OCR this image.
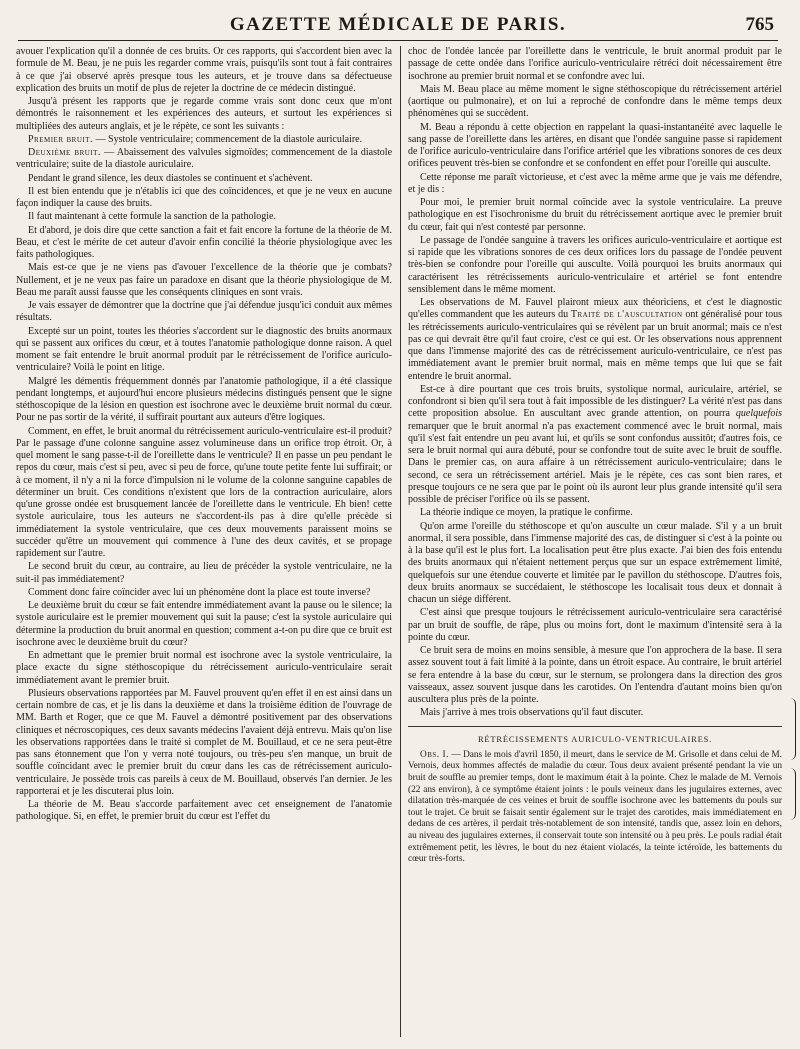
GAZETTE MÉDICALE DE PARIS.	765

avouer l'explication qu'il a donnée de ces bruits. Or ces rapports, qui s'accordent bien avec la formule de M. Beau, je ne puis les regarder comme vrais, puisqu'ils sont tout à fait contraires à ce que j'ai observé après presque tous les auteurs, et je trouve dans sa défectueuse explication des bruits un motif de plus de rejeter la doctrine de ce médecin distingué.

Jusqu'à présent les rapports que je regarde comme vrais sont donc ceux que m'ont démontrés le raisonnement et les expériences des auteurs, et surtout les expériences si multipliées des auteurs anglais, et je le répète, ce sont les suivants :

Premier bruit. — Systole ventriculaire; commencement de la diastole auriculaire.

Deuxième bruit. — Abaissement des valvules sigmoïdes; commencement de la diastole ventriculaire; suite de la diastole auriculaire.

Pendant le grand silence, les deux diastoles se continuent et s'achèvent.

Il est bien entendu que je n'établis ici que des coïncidences, et que je ne veux en aucune façon indiquer la cause des bruits.

Il faut maintenant à cette formule la sanction de la pathologie.

Et d'abord, je dois dire que cette sanction a fait et fait encore la fortune de la théorie de M. Beau, et c'est le mérite de cet auteur d'avoir enfin concilié la théorie physiologique avec les faits pathologiques.

Mais est-ce que je ne viens pas d'avouer l'excellence de la théorie que je combats? Nullement, et je ne veux pas faire un paradoxe en disant que la théorie physiologique de M. Beau me paraît aussi fausse que les conséquents cliniques en sont vrais.

Je vais essayer de démontrer que la doctrine que j'ai défendue jusqu'ici conduit aux mêmes résultats.

Excepté sur un point, toutes les théories s'accordent sur le diagnostic des bruits anormaux qui se passent aux orifices du cœur, et à toutes l'anatomie pathologique donne raison. A quel moment se fait entendre le bruit anormal produit par le rétrécissement de l'orifice auriculo-ventriculaire? Voilà le point en litige.

Malgré les démentis fréquemment donnés par l'anatomie pathologique, il a été classique pendant longtemps, et aujourd'hui encore plusieurs médecins distingués pensent que le signe stéthoscopique de la lésion en question est isochrone avec le deuxième bruit normal du cœur. Pour ne pas sortir de la vérité, il suffirait pourtant aux auteurs d'être logiques.

Comment, en effet, le bruit anormal du rétrécissement auriculo-ventriculaire est-il produit? Par le passage d'une colonne sanguine assez volumineuse dans un orifice trop étroit. Or, à quel moment le sang passe-t-il de l'oreillette dans le ventricule? Il en passe un peu pendant le repos du cœur, mais c'est si peu, avec si peu de force, qu'une toute petite fente lui suffirait; or à ce moment, il n'y a ni la force d'impulsion ni le volume de la colonne sanguine capables de déterminer un bruit. Ces conditions n'existent que lors de la contraction auriculaire, alors qu'une grosse ondée est brusquement lancée de l'oreillette dans le ventricule. Eh bien! cette systole auriculaire, tous les auteurs ne s'accordent-ils pas à dire qu'elle précède si immédiatement la systole ventriculaire, que ces deux mouvements paraissent moins se succéder qu'être un mouvement qui commence à l'une des deux cavités, et se propage rapidement sur l'autre.

Le second bruit du cœur, au contraire, au lieu de précéder la systole ventriculaire, ne la suit-il pas immédiatement?

Comment donc faire coïncider avec lui un phénomène dont la place est toute inverse?

Le deuxième bruit du cœur se fait entendre immédiatement avant la pause ou le silence; la systole auriculaire est le premier mouvement qui suit la pause; c'est la systole auriculaire qui détermine la production du bruit anormal en question; comment a-t-on pu dire que ce bruit est isochrone avec le deuxième bruit du cœur?

En admettant que le premier bruit normal est isochrone avec la systole ventriculaire, la place exacte du signe stéthoscopique du rétrécissement auriculo-ventriculaire serait immédiatement avant le premier bruit.

Plusieurs observations rapportées par M. Fauvel prouvent qu'en effet il en est ainsi dans un certain nombre de cas, et je lis dans la deuxième et dans la troisième édition de l'ouvrage de MM. Barth et Roger, que ce que M. Fauvel a démontré positivement par des observations cliniques et nécroscopiques, ces deux savants médecins l'avaient déjà entrevu. Mais qu'on lise les observations rapportées dans le traité si complet de M. Bouillaud, et ce ne sera peut-être pas sans étonnement que l'on y verra noté toujours, ou très-peu s'en manque, un bruit de souffle coïncidant avec le premier bruit du cœur dans les cas de rétrécissement auriculo-ventriculaire. Je possède trois cas pareils à ceux de M. Bouillaud, observés l'an dernier. Je les rapporterai et je les discuterai plus loin.

La théorie de M. Beau s'accorde parfaitement avec cet enseignement de l'anatomie pathologique. Si, en effet, le premier bruit du cœur est l'effet du

choc de l'ondée lancée par l'oreillette dans le ventricule, le bruit anormal produit par le passage de cette ondée dans l'orifice auriculo-ventriculaire rétréci doit nécessairement être isochrone au premier bruit normal et se confondre avec lui.

Mais M. Beau place au même moment le signe stéthoscopique du rétrécissement artériel (aortique ou pulmonaire), et on lui a reproché de confondre dans le même temps deux phénomènes qui se succèdent.

M. Beau a répondu à cette objection en rappelant la quasi-instantanéité avec laquelle le sang passe de l'oreillette dans les artères, en disant que l'ondée sanguine passe si rapidement de l'orifice auriculo-ventriculaire dans l'orifice artériel que les vibrations sonores de ces deux orifices peuvent très-bien se confondre et se confondent en effet pour l'oreille qui ausculte.

Cette réponse me paraît victorieuse, et c'est avec la même arme que je vais me défendre, et je dis :

Pour moi, le premier bruit normal coïncide avec la systole ventriculaire. La preuve pathologique en est l'isochronisme du bruit du rétrécissement aortique avec le premier bruit du cœur, fait qui n'est contesté par personne.

Le passage de l'ondée sanguine à travers les orifices auriculo-ventriculaire et aortique est si rapide que les vibrations sonores de ces deux orifices lors du passage de l'ondée peuvent très-bien se confondre pour l'oreille qui ausculte. Voilà pourquoi les bruits anormaux qui caractérisent les rétrécissements auriculo-ventriculaire et artériel se font entendre sensiblement dans le même moment.

Les observations de M. Fauvel plairont mieux aux théoriciens, et c'est le diagnostic qu'elles commandent que les auteurs du Traité de l'auscultation ont généralisé pour tous les rétrécissements auriculo-ventriculaires qui se révèlent par un bruit anormal; mais ce n'est pas ce qui devrait être qu'il faut croire, c'est ce qui est. Or les observations nous apprennent que dans l'immense majorité des cas de rétrécissement auriculo-ventriculaire, ce n'est pas immédiatement avant le premier bruit normal, mais en même temps que lui que se fait entendre le bruit anormal.

Est-ce à dire pourtant que ces trois bruits, systolique normal, auriculaire, artériel, se confondront si bien qu'il sera tout à fait impossible de les distinguer? La vérité n'est pas dans cette proposition absolue. En auscultant avec grande attention, on pourra quelquefois remarquer que le bruit anormal n'a pas exactement commencé avec le bruit normal, mais qu'il s'est fait entendre un peu avant lui, et qu'ils se sont confondus aussitôt; d'autres fois, ce sera le bruit normal qui aura débuté, pour se confondre tout de suite avec le bruit de souffle. Dans le premier cas, on aura affaire à un rétrécissement auriculo-ventriculaire; dans le second, ce sera un rétrécissement artériel. Mais je le répète, ces cas sont bien rares, et presque toujours ce ne sera que par le point où ils auront leur plus grande intensité qu'il sera possible de préciser l'orifice où ils se passent.

La théorie indique ce moyen, la pratique le confirme.

Qu'on arme l'oreille du stéthoscope et qu'on ausculte un cœur malade. S'il y a un bruit anormal, il sera possible, dans l'immense majorité des cas, de distinguer si c'est à la pointe ou à la base qu'il est le plus fort. La localisation peut être plus exacte. J'ai bien des fois entendu des bruits anormaux qui n'étaient nettement perçus que sur un espace extrêmement limité, quelquefois sur une étendue couverte et limitée par le pavillon du stéthoscope. D'autres fois, deux bruits anormaux se succédaient, le stéthoscope les localisait tous deux et donnait à chacun un siége différent.

C'est ainsi que presque toujours le rétrécissement auriculo-ventriculaire sera caractérisé par un bruit de souffle, de râpe, plus ou moins fort, dont le maximum d'intensité sera à la pointe du cœur.

Ce bruit sera de moins en moins sensible, à mesure que l'on approchera de la base. Il sera assez souvent tout à fait limité à la pointe, dans un étroit espace. Au contraire, le bruit artériel se fera entendre à la base du cœur, sur le sternum, se prolongera dans la direction des gros vaisseaux, assez souvent jusque dans les carotides. On l'entendra d'autant moins bien qu'on auscultera plus près de la pointe.

Mais j'arrive à mes trois observations qu'il faut discuter.

RÉTRÉCISSEMENTS AURICULO-VENTRICULAIRES.

Obs. I. — Dans le mois d'avril 1850, il meurt, dans le service de M. Grisolle et dans celui de M. Vernois, deux hommes affectés de maladie du cœur. Tous deux avaient présenté pendant la vie un bruit de souffle au premier temps, dont le maximum était à la pointe. Chez le malade de M. Vernois (22 ans environ), à ce symptôme étaient joints : le pouls veineux dans les jugulaires externes, avec dilatation très-marquée de ces veines et bruit de souffle isochrone avec les battements du pouls sur tout le trajet. Ce bruit se faisait sentir également sur le trajet des carotides, mais immédiatement en dedans de ces artères, il perdait très-notablement de son intensité, tandis que, assez loin en dehors, au niveau des jugulaires externes, il conservait toute son intensité ou à peu près. Le pouls radial était extrêmement petit, les lèvres, le bout du nez étaient violacés, la teinte ictéroïde, les battements du cœur très-forts.
